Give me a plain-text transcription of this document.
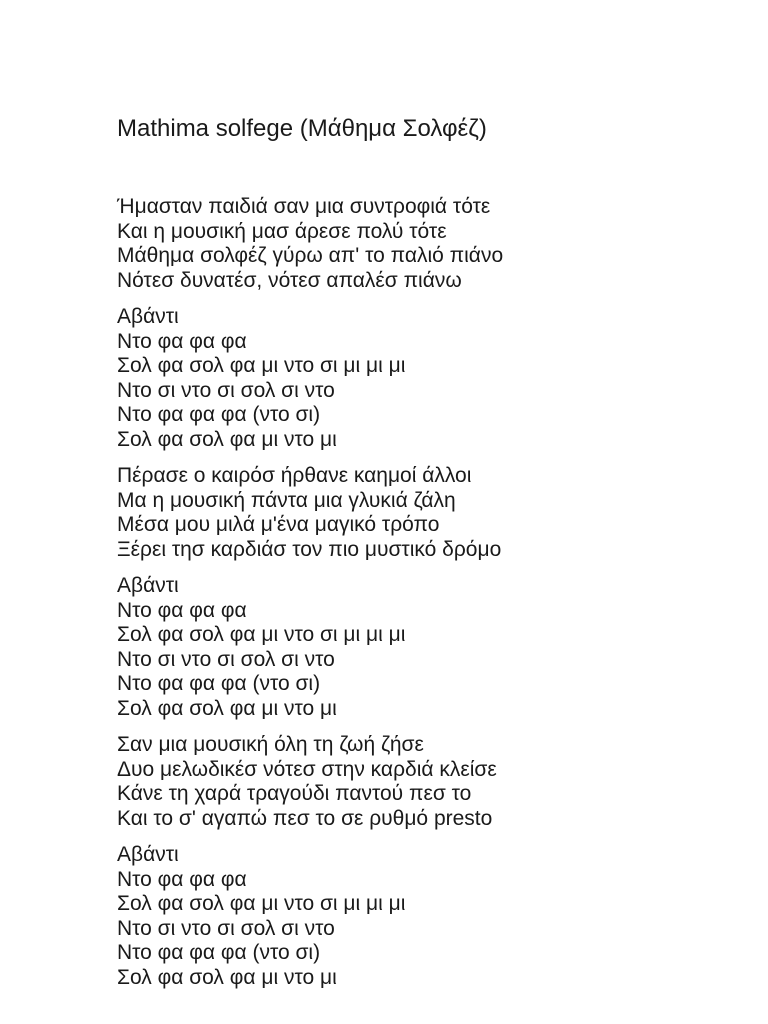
Mathima solfege (Μάθημα Σολφέζ)
Ήμασταν παιδιά σαν μια συντροφιά τότε
Και η μουσική μασ άρεσε πολύ τότε
Μάθημα σολφέζ γύρω απ' το παλιό πιάνο
Νότεσ δυνατέσ, νότεσ απαλέσ πιάνω
Αβάντι
Ντο φα φα φα
Σολ φα σολ φα μι ντο σι μι μι μι
Ντο σι ντο σι σολ σι ντο
Ντο φα φα φα (ντο σι)
Σολ φα σολ φα μι ντο μι
Πέρασε ο καιρόσ ήρθανε καημοί άλλοι
Μα η μουσική πάντα μια γλυκιά ζάλη
Μέσα μου μιλά μ'ένα μαγικό τρόπο
Ξέρει τησ καρδιάσ τον πιο μυστικό δρόμο
Αβάντι
Ντο φα φα φα
Σολ φα σολ φα μι ντο σι μι μι μι
Ντο σι ντο σι σολ σι ντο
Ντο φα φα φα (ντο σι)
Σολ φα σολ φα μι ντο μι
Σαν μια μουσική όλη τη ζωή ζήσε
Δυο μελωδικέσ νότεσ στην καρδιά κλείσε
Κάνε τη χαρά τραγούδι παντού πεσ το
Και το σ' αγαπώ πεσ το σε ρυθμό presto
Αβάντι
Ντο φα φα φα
Σολ φα σολ φα μι ντο σι μι μι μι
Ντο σι ντο σι σολ σι ντο
Ντο φα φα φα (ντο σι)
Σολ φα σολ φα μι ντο μι
